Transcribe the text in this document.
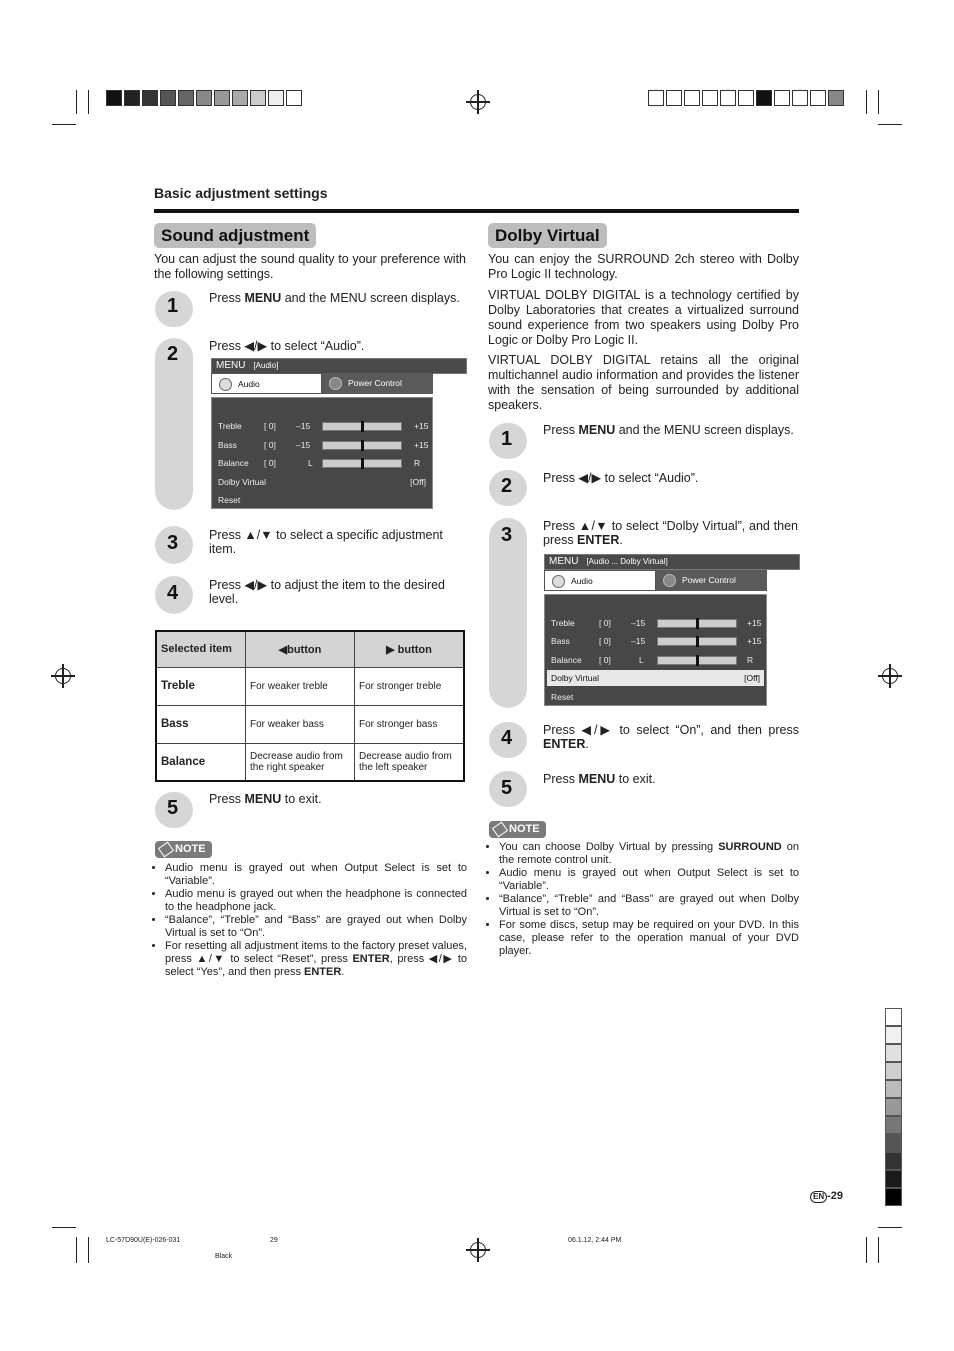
Basic adjustment settings
Sound adjustment

You can adjust the sound quality to your preference with the following settings.

1 Press MENU and the MENU screen displays.
2 Press ◀/▶ to select “Audio”.
MENU [Audio]
Audio	Power Control
Treble	[ 0] –15	+15
Bass	[ 0] –15	+15
Balance [ 0]	L	R
Dolby Virtual	[Off]
Reset
3 Press ▲/▼ to select a specific adjustment item.
4 Press ◀/▶ to adjust the item to the desired level.
Selected item	◀button	▶ button
Treble	For weaker treble	For stronger treble
Bass	For weaker bass	For stronger bass
Balance	Decrease audio from the right speaker	Decrease audio from the left speaker
5 Press MENU to exit.
NOTE
• Audio menu is grayed out when Output Select is set to “Variable”.
• Audio menu is grayed out when the headphone is connected to the headphone jack.
• “Balance”, “Treble” and “Bass” are grayed out when Dolby Virtual is set to “On”.
• For resetting all adjustment items to the factory preset values, press ▲/▼ to select “Reset”, press ENTER, press ◀/▶ to select “Yes”, and then press ENTER.
Dolby Virtual

You can enjoy the SURROUND 2ch stereo with Dolby Pro Logic II technology.

VIRTUAL DOLBY DIGITAL is a technology certified by Dolby Laboratories that creates a virtualized surround sound experience from two speakers using Dolby Pro Logic or Dolby Pro Logic II.

VIRTUAL DOLBY DIGITAL retains all the original multichannel audio information and provides the listener with the sensation of being surrounded by additional speakers.

1 Press MENU and the MENU screen displays.
2 Press ◀/▶ to select “Audio”.
3 Press ▲/▼ to select “Dolby Virtual”, and then press ENTER.
MENU [Audio ... Dolby Virtual]
Audio	Power Control
Treble	[ 0] –15	+15
Bass	[ 0] –15	+15
Balance [ 0]	L	R
Dolby Virtual	[Off]
Reset
4 Press ◀/▶ to select “On”, and then press ENTER.
5 Press MENU to exit.
NOTE
• You can choose Dolby Virtual by pressing SURROUND on the remote control unit.
• Audio menu is grayed out when Output Select is set to “Variable”.
• “Balance”, “Treble” and “Bass” are grayed out when Dolby Virtual is set to “On”.
• For some discs, setup may be required on your DVD. In this case, please refer to the operation manual of your DVD player.
EN -29
LC-57D90U(E)-026-031	29	06.1.12, 2:44 PM
Black
